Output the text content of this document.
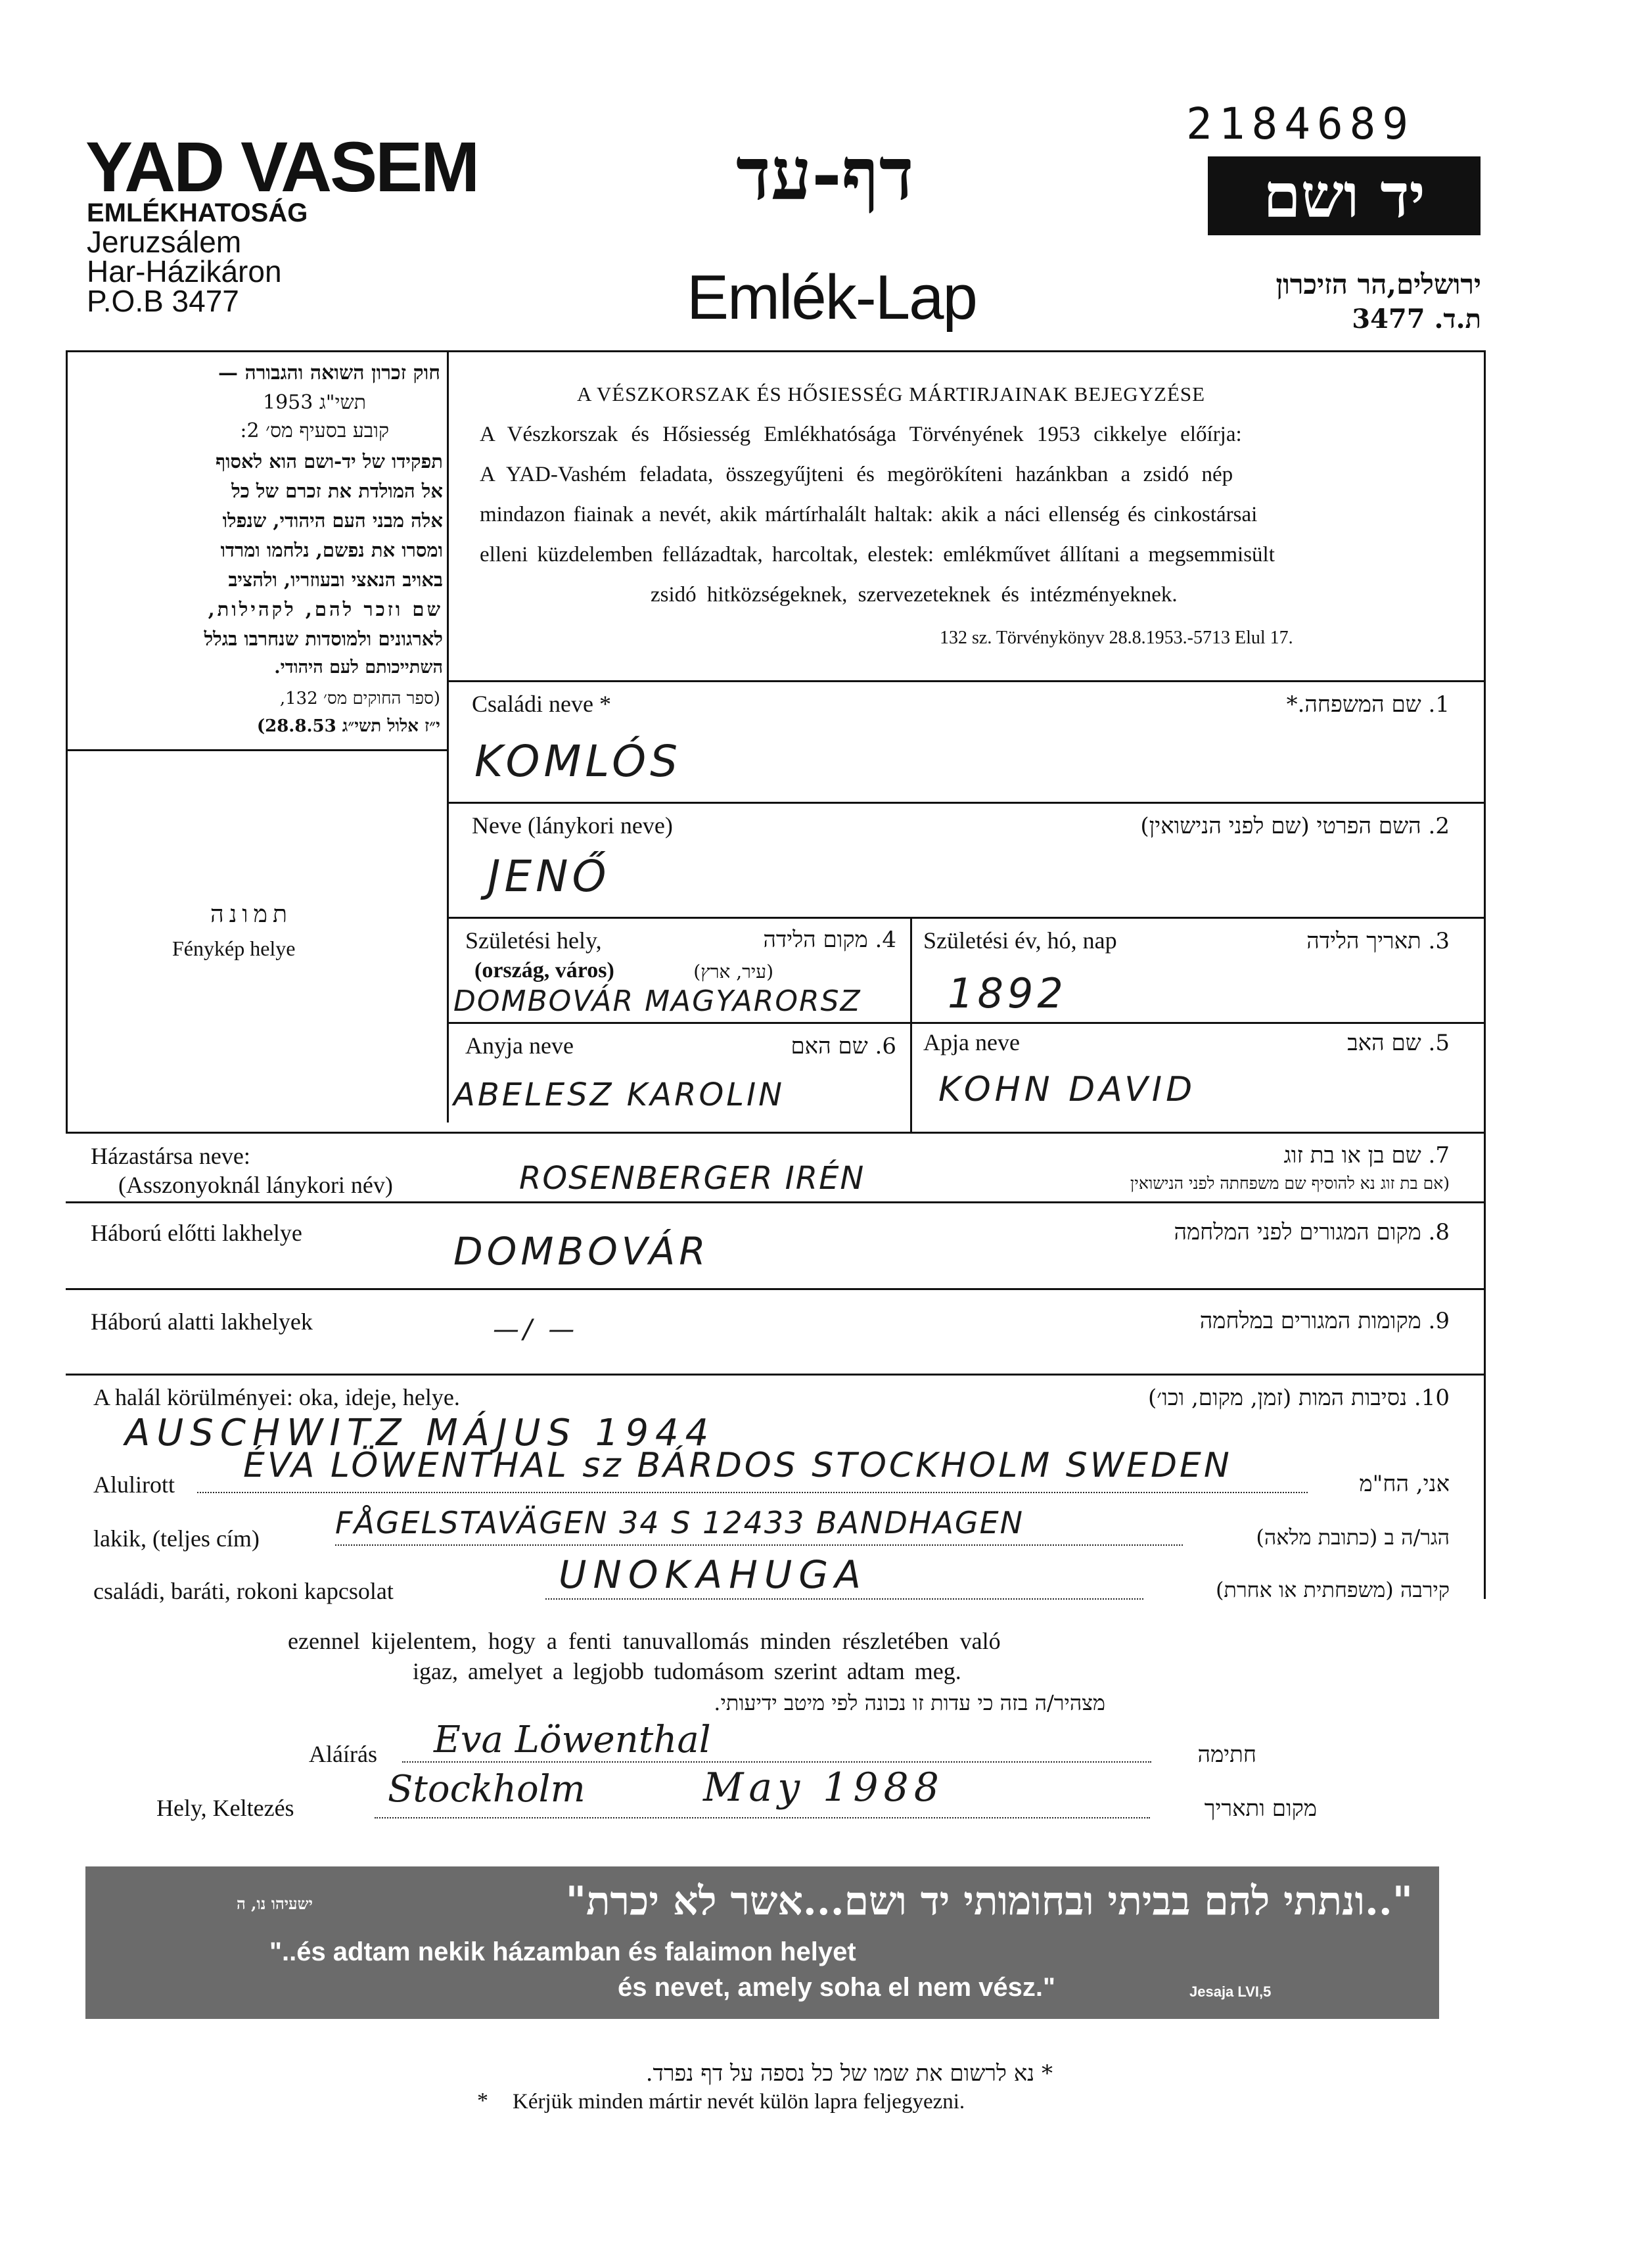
YAD VASEM
EMLÉKHATOSÁG
Jeruzsálem
Har-Házikáron
P.O.B 3477
דף-עד
Emlék-Lap
2184689
יד ושם
ירושלים,הר הזיכרון
ת.ד. 3477
חוק זכרון השואה והגבורה —
תשי"ג 1953
קובע בסעיף מס׳ 2:
תפקידו של יד-ושם הוא לאסוף
אל המולדת את זכרם של כל
אלה מבני העם היהודי, שנפלו
ומסרו את נפשם, נלחמו ומרדו
באויב הנאצי ובעוזריו, ולהציב
שם וזכר להם, לקהילות,
לארגונים ולמוסדות שנחרבו בגלל
השתייכותם לעם היהודי.
(ספר החוקים מס׳ 132,
י״ז אלול תשי״ג 28.8.53)
תמונה
Fénykép helye
A VÉSZKORSZAK ÉS HŐSIESSÉG MÁRTIRJAINAK BEJEGYZÉSE
A Vészkorszak és Hősiesség Emlékhatósága Törvényének 1953 cikkelye előírja:
A YAD-Vashém feladata, összegyűjteni és megörökíteni hazánkban a zsidó nép
mindazon fiainak a nevét, akik mártírhalált haltak: akik a náci ellenség és cinkostársai
elleni küzdelemben fellázadtak, harcoltak, elestek: emlékművet állítani a megsemmisült
zsidó hitközségeknek, szervezeteknek és intézményeknek.
132 sz. Törvénykönyv 28.8.1953.-5713 Elul 17.
Családi neve *	1. שם המשפחה.*
KOMLÓS
Neve (lánykori neve)	2. השם הפרטי (שם לפני הנישואין)
JENŐ
Születési hely,	4. מקום הלידה
(ország, város)	(עיר, ארץ)
DOMBOVÁR MAGYARORSZ
Születési év, hó, nap	3. תאריך הלידה
1892
Anyja neve	6. שם האם
ABELESZ KAROLIN
Apja neve	5. שם האב
KOHN DAVID
Házastársa neve:
(Asszonyoknál lánykori név)
7. שם בן או בת זוג
(אם בת זוג נא להוסיף שם משפחתה לפני הנישואין
ROSENBERGER IRÉN
Háború előtti lakhelye	8. מקום המגורים לפני המלחמה
DOMBOVÁR
Háború alatti lakhelyek	9. מקומות המגורים במלחמה
—/ —
A halál körülményei: oka, ideje, helye.	10. נסיבות המות (זמן, מקום, וכו׳)
AUSCHWITZ MÁJUS 1944
Alulirott ÉVA LÖWENTHAL sz BÁRDOS STOCKHOLM SWEDEN	אני, הח"מ
lakik, (teljes cím)	FÅGELSTAVÄGEN 34 S 12433 BANDHAGEN	הגר/ה ב (כתובת מלאה)
családi, baráti, rokoni kapcsolat	UNOKAHUGA	קירבה (משפחתית או אחרת)
ezennel kijelentem, hogy a fenti tanuvallomás minden részletében való
igaz, amelyet a legjobb tudomásom szerint adtam meg.
מצהיר/ה בזה כי עדות זו נכונה לפי מיטב ידיעותי.
Aláírás Eva Löwenthal	חתימה
Hely, Keltezés	Stockholm	May 1988	מקום ותאריך
"..ונתתי להם בביתי ובחומותי יד ושם...אשר לא יכרת"
ישעיהו נו, ה
"..és adtam nekik házamban és falaimon helyet
és nevet, amely soha el nem vész."	Jesaja LVI,5
* נא לרשום את שמו של כל נספה על דף נפרד.
* Kérjük minden mártir nevét külön lapra feljegyezni.
